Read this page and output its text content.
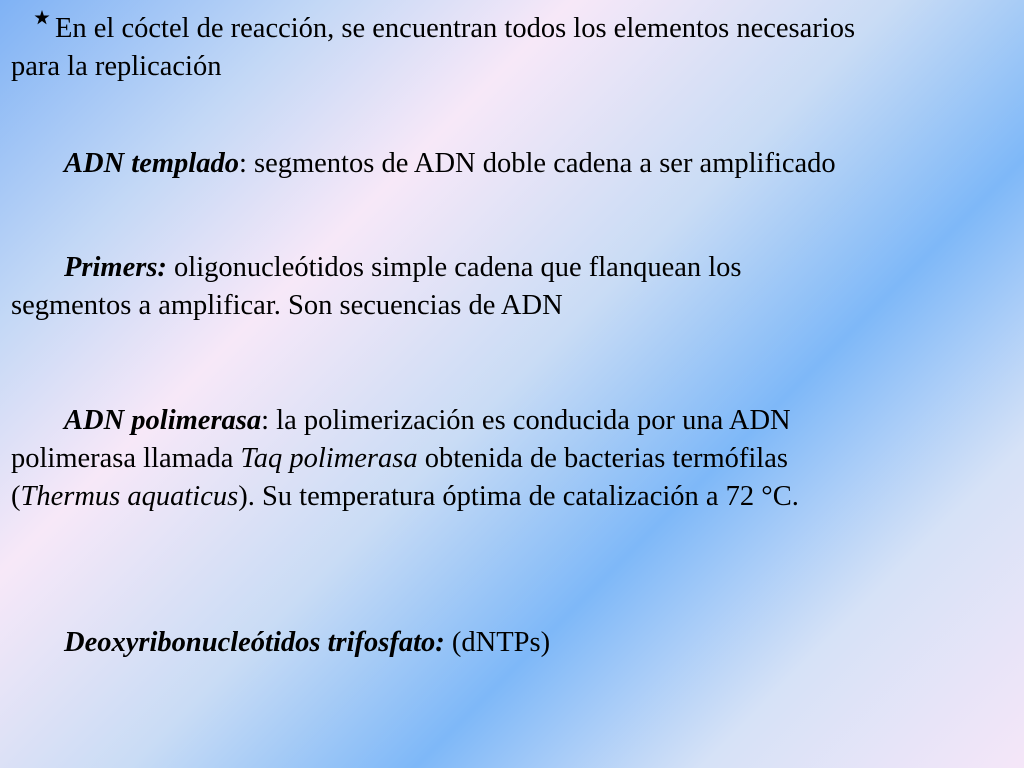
En el cóctel de reacción, se encuentran todos los elementos necesarios
para la replicación

ADN templado: segmentos de ADN doble cadena a ser amplificado

Primers: oligonucleótidos simple cadena que flanquean los
segmentos a amplificar. Son secuencias de ADN

ADN polimerasa: la polimerización es conducida por una ADN
polimerasa llamada Taq polimerasa obtenida de bacterias termófilas
(Thermus aquaticus). Su temperatura óptima de catalización a 72 °C.

Deoxyribonucleótidos trifosfato: (dNTPs)
